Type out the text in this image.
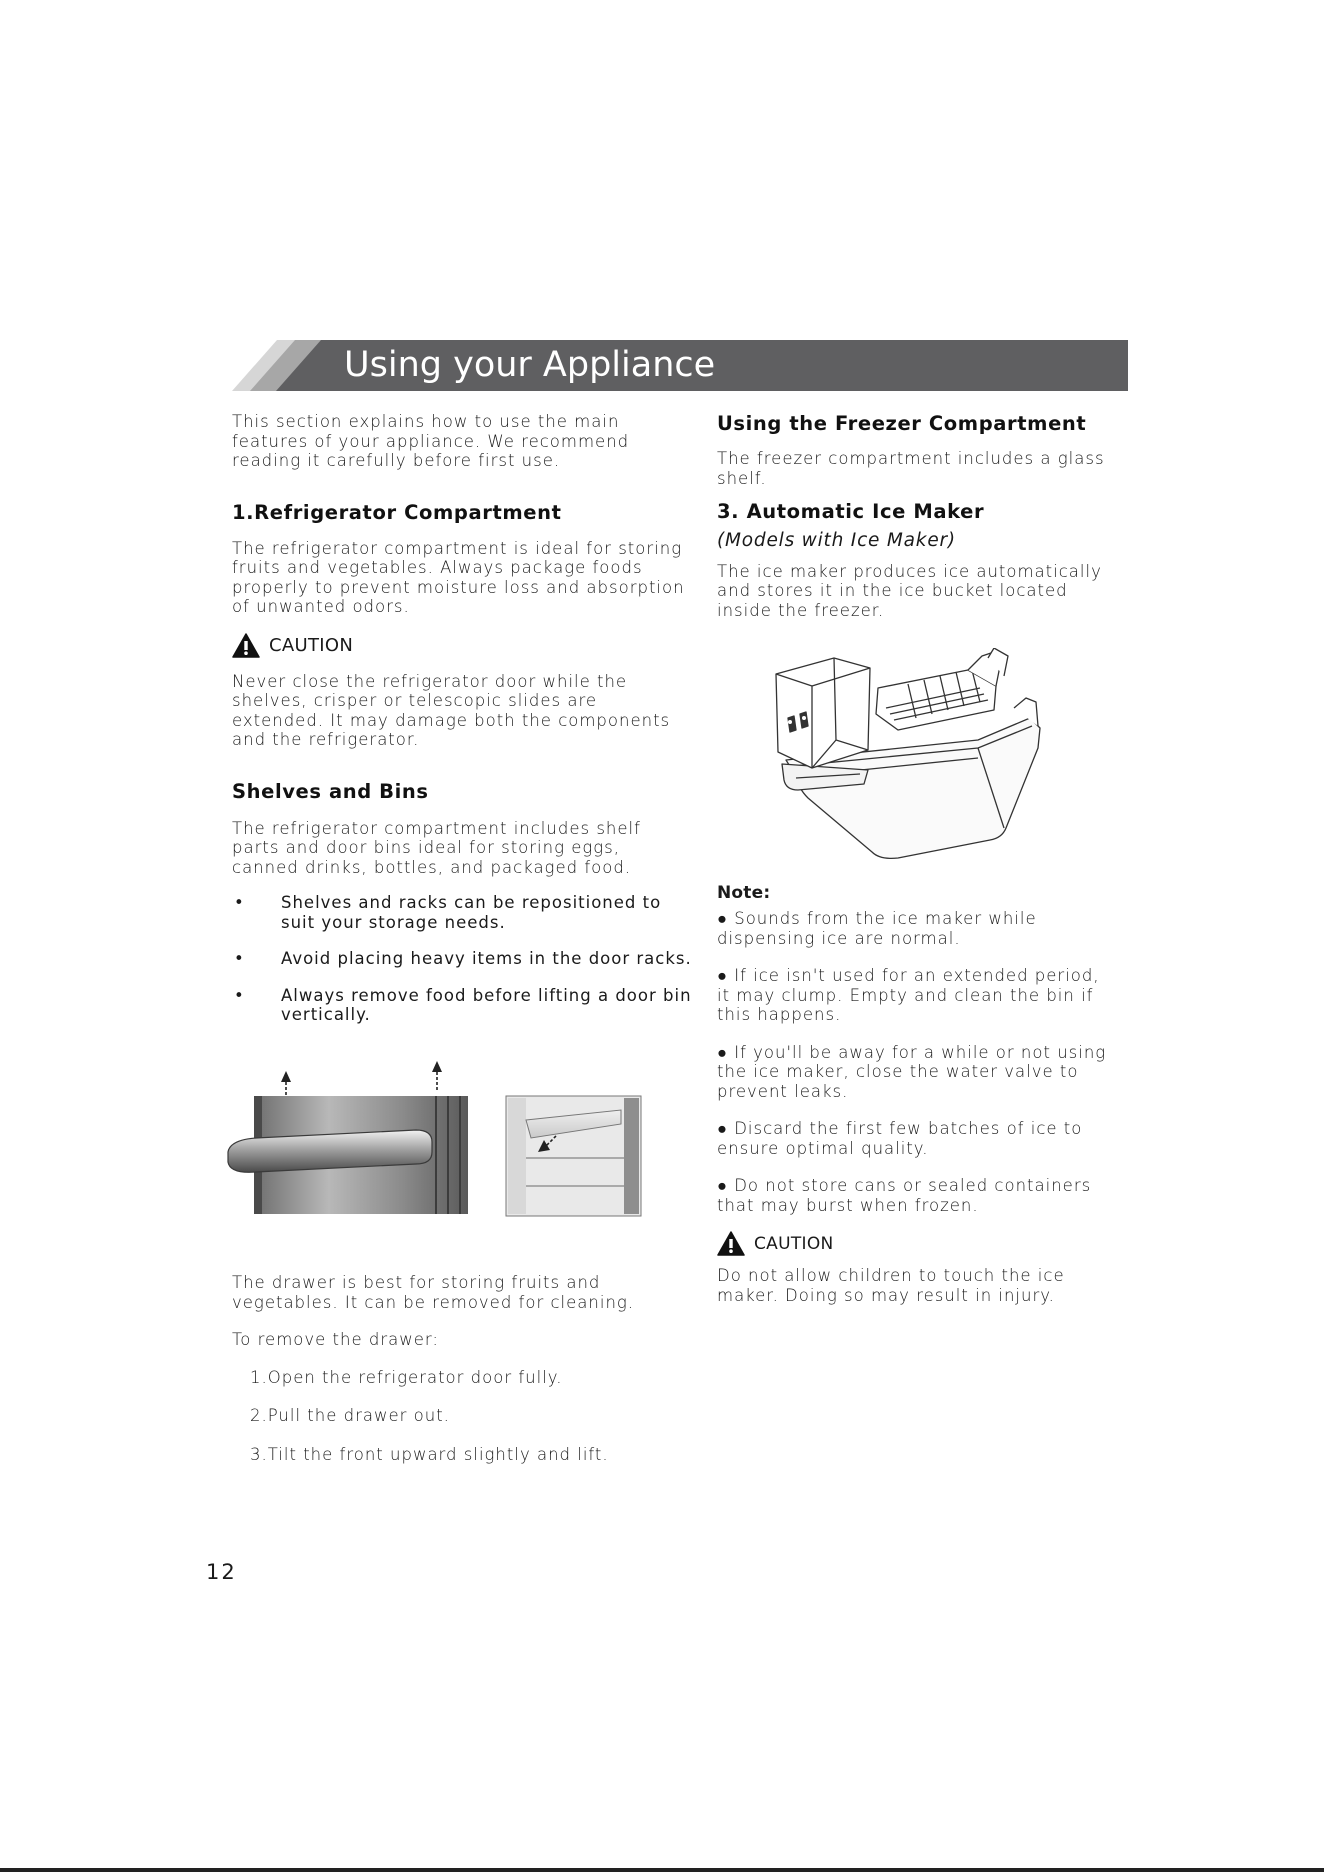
Using your Appliance

This section explains how to use the main features of your appliance. We recommend reading it carefully before first use.

1.Refrigerator Compartment

The refrigerator compartment is ideal for storing fruits and vegetables. Always package foods properly to prevent moisture loss and absorption of unwanted odors.

CAUTION

Never close the refrigerator door while the shelves, crisper or telescopic slides are extended. It may damage both the components and the refrigerator.

Shelves and Bins

The refrigerator compartment includes shelf parts and door bins ideal for storing eggs, canned drinks, bottles, and packaged food.

• Shelves and racks can be repositioned to suit your storage needs.
• Avoid placing heavy items in the door racks.
• Always remove food before lifting a door bin vertically.

The drawer is best for storing fruits and vegetables. It can be removed for cleaning.

To remove the drawer:

1.Open the refrigerator door fully.

2.Pull the drawer out.

3.Tilt the front upward slightly and lift.

Using the Freezer Compartment

The freezer compartment includes a glass shelf.

3. Automatic Ice Maker

(Models with Ice Maker)

The ice maker produces ice automatically and stores it in the ice bucket located inside the freezer.

Note:

● Sounds from the ice maker while dispensing ice are normal.

● If ice isn't used for an extended period, it may clump. Empty and clean the bin if this happens.

● If you'll be away for a while or not using the ice maker, close the water valve to prevent leaks.

● Discard the first few batches of ice to ensure optimal quality.

● Do not store cans or sealed containers that may burst when frozen.

CAUTION

Do not allow children to touch the ice maker. Doing so may result in injury.

12
